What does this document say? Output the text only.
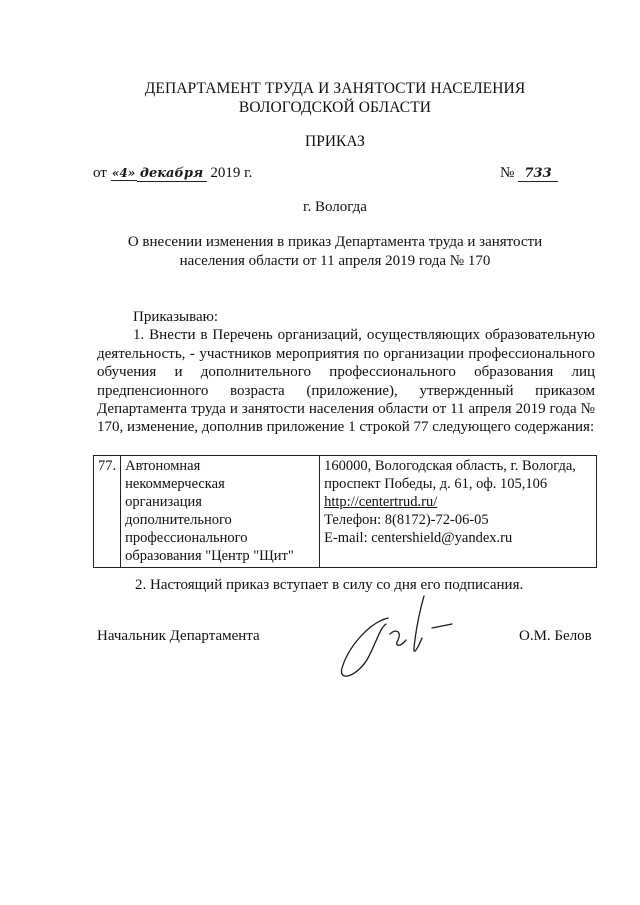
ДЕПАРТАМЕНТ ТРУДА И ЗАНЯТОСТИ НАСЕЛЕНИЯ
ВОЛОГОДСКОЙ ОБЛАСТИ
ПРИКАЗ
от «4» декабря 2019 г.	№ 733
г. Вологда
О внесении изменения в приказ Департамента труда и занятости
населения области от 11 апреля 2019 года № 170

Приказываю:

1. Внести в Перечень организаций, осуществляющих образовательную деятельность, - участников мероприятия по организации профессионального обучения и дополнительного профессионального образования лиц предпенсионного возраста (приложение), утвержденный приказом Департамента труда и занятости населения области от 11 апреля 2019 года № 170, изменение, дополнив приложение 1 строкой 77 следующего содержания:

77.	Автономная
некоммерческая
организация
дополнительного
профессионального
образования "Центр "Щит"

160000, Вологодская область, г. Вологда,
проспект Победы, д. 61, оф. 105,106
http://centertrud.ru/
Телефон: 8(8172)-72-06-05
E-mail: centershield@yandex.ru
2. Настоящий приказ вступает в силу со дня его подписания.
Начальник Департамента	О.М. Белов
